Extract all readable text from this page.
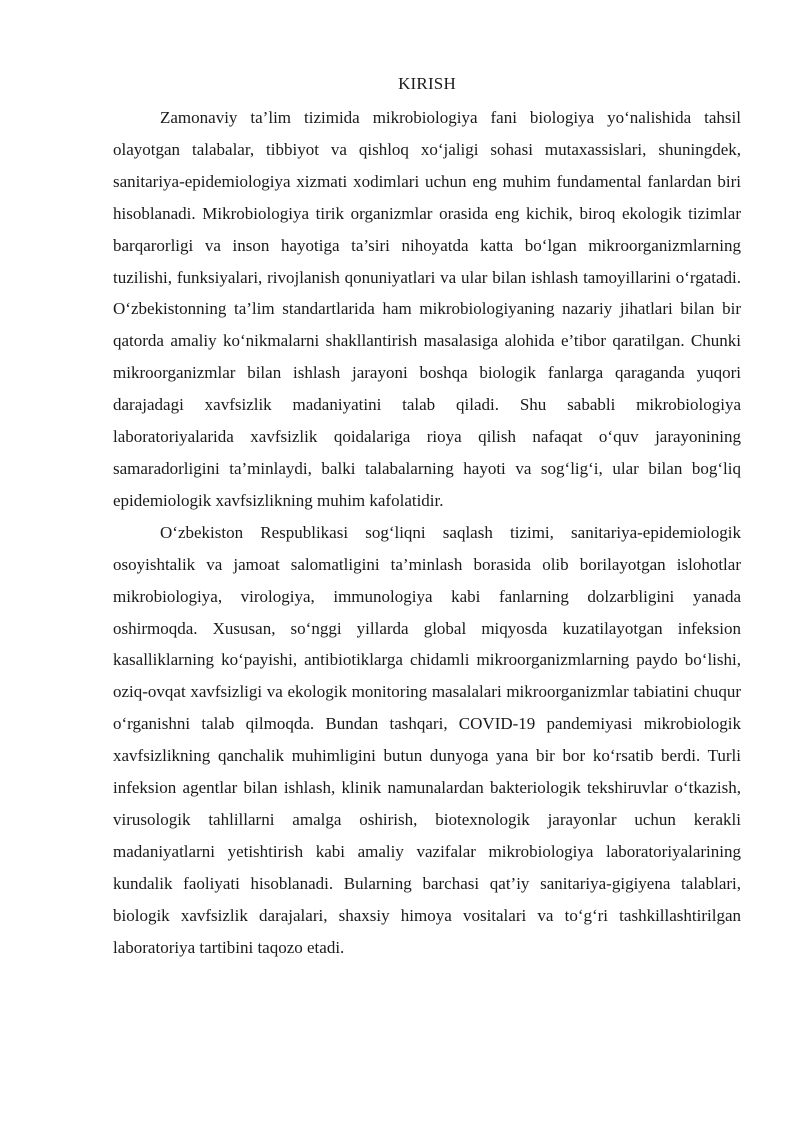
KIRISH

Zamonaviy ta’lim tizimida mikrobiologiya fani biologiya yo‘nalishida tahsil olayotgan talabalar, tibbiyot va qishloq xo‘jaligi sohasi mutaxassislari, shuningdek, sanitariya-epidemiologiya xizmati xodimlari uchun eng muhim fundamental fanlardan biri hisoblanadi. Mikrobiologiya tirik organizmlar orasida eng kichik, biroq ekologik tizimlar barqarorligi va inson hayotiga ta’siri nihoyatda katta bo‘lgan mikroorganizmlarning tuzilishi, funksiyalari, rivojlanish qonuniyatlari va ular bilan ishlash tamoyillarini o‘rgatadi. O‘zbekistonning ta’lim standartlarida ham mikrobiologiyaning nazariy jihatlari bilan bir qatorda amaliy ko‘nikmalarni shakllantirish masalasiga alohida e’tibor qaratilgan. Chunki mikroorganizmlar bilan ishlash jarayoni boshqa biologik fanlarga qaraganda yuqori darajadagi xavfsizlik madaniyatini talab qiladi. Shu sababli mikrobiologiya laboratoriyalarida xavfsizlik qoidalariga rioya qilish nafaqat o‘quv jarayonining samaradorligini ta’minlaydi, balki talabalarning hayoti va sog‘lig‘i, ular bilan bog‘liq epidemiologik xavfsizlikning muhim kafolatidir.

O‘zbekiston Respublikasi sog‘liqni saqlash tizimi, sanitariya-epidemiologik osoyishtalik va jamoat salomatligini ta’minlash borasida olib borilayotgan islohotlar mikrobiologiya, virologiya, immunologiya kabi fanlarning dolzarbligini yanada oshirmoqda. Xususan, so‘nggi yillarda global miqyosda kuzatilayotgan infeksion kasalliklarning ko‘payishi, antibiotiklarga chidamli mikroorganizmlarning paydo bo‘lishi, oziq-ovqat xavfsizligi va ekologik monitoring masalalari mikroorganizmlar tabiatini chuqur o‘rganishni talab qilmoqda. Bundan tashqari, COVID-19 pandemiyasi mikrobiologik xavfsizlikning qanchalik muhimligini butun dunyoga yana bir bor ko‘rsatib berdi. Turli infeksion agentlar bilan ishlash, klinik namunalardan bakteriologik tekshiruvlar o‘tkazish, virusologik tahlillarni amalga oshirish, biotexnologik jarayonlar uchun kerakli madaniyatlarni yetishtirish kabi amaliy vazifalar mikrobiologiya laboratoriyalarining kundalik faoliyati hisoblanadi. Bularning barchasi qat’iy sanitariya-gigiyena talablari, biologik xavfsizlik darajalari, shaxsiy himoya vositalari va to‘g‘ri tashkillashtirilgan laboratoriya tartibini taqozo etadi.
